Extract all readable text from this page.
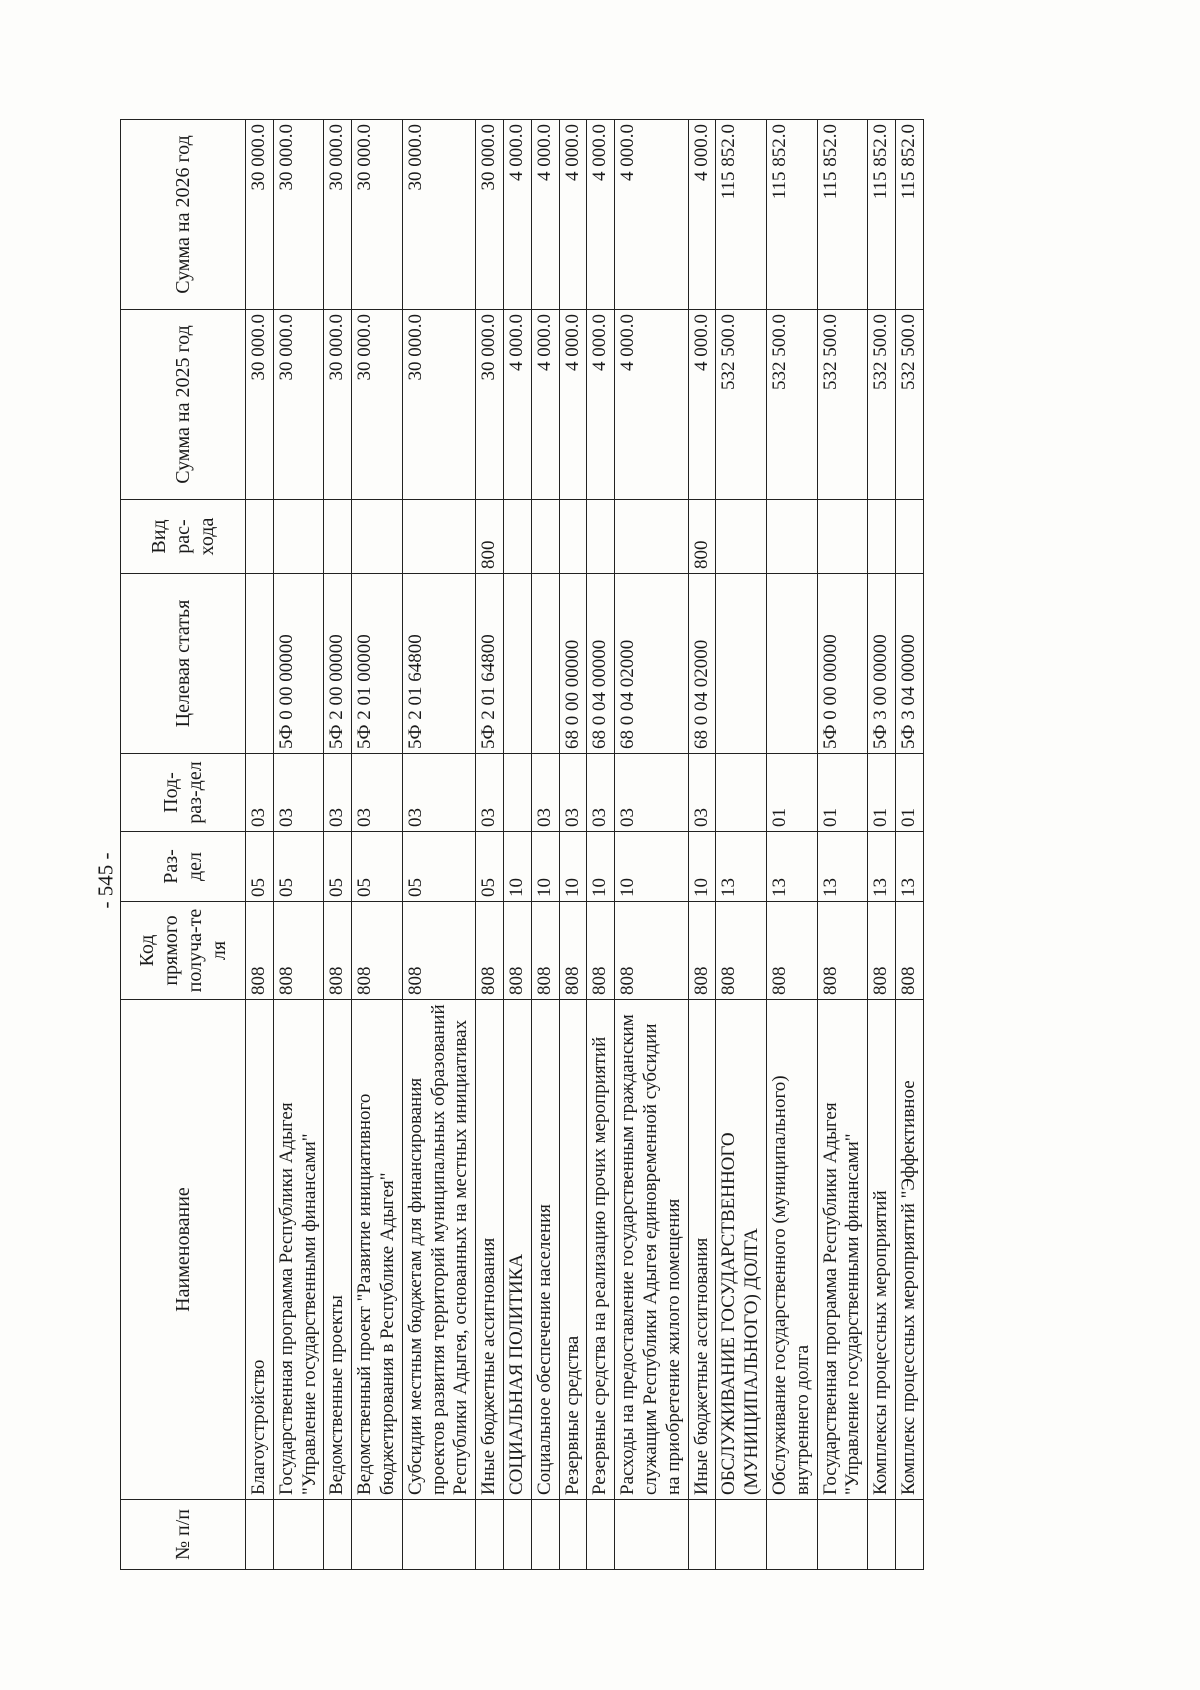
- 545 -
№ п/п	Наименование	Код прямого получа-те ля	Раз-дел	Под-раз-дел	Целевая статья	Вид рас-хода	Сумма на 2025 год	Сумма на 2026 год
	Благоустройство	808	05	03			30 000.0	30 000.0
	Государственная программа Республики Адыгея "Управление государственными финансами"	808	05	03	5Ф 0 00 00000		30 000.0	30 000.0
	Ведомственные проекты	808	05	03	5Ф 2 00 00000		30 000.0	30 000.0
	Ведомственный проект "Развитие инициативного бюджетирования в Республике Адыгея"	808	05	03	5Ф 2 01 00000		30 000.0	30 000.0
	Субсидии местным бюджетам для финансирования проектов развития территорий муниципальных образований Республики Адыгея, основанных на местных инициативах	808	05	03	5Ф 2 01 64800		30 000.0	30 000.0
	Иные бюджетные ассигнования	808	05	03	5Ф 2 01 64800	800	30 000.0	30 000.0
	СОЦИАЛЬНАЯ ПОЛИТИКА	808	10				4 000.0	4 000.0
	Социальное обеспечение населения	808	10	03			4 000.0	4 000.0
	Резервные средства	808	10	03	68 0 00 00000		4 000.0	4 000.0
	Резервные средства на реализацию прочих мероприятий	808	10	03	68 0 04 00000		4 000.0	4 000.0
	Расходы на предоставление государственным гражданским служащим Республики Адыгея единовременной субсидии на приобретение жилого помещения	808	10	03	68 0 04 02000		4 000.0	4 000.0
	Иные бюджетные ассигнования	808	10	03	68 0 04 02000	800	4 000.0	4 000.0
	ОБСЛУЖИВАНИЕ ГОСУДАРСТВЕННОГО (МУНИЦИПАЛЬНОГО) ДОЛГА	808	13				532 500.0	115 852.0
	Обслуживание государственного (муниципального) внутреннего долга	808	13	01			532 500.0	115 852.0
	Государственная программа Республики Адыгея "Управление государственными финансами"	808	13	01	5Ф 0 00 00000		532 500.0	115 852.0
	Комплексы процессных мероприятий	808	13	01	5Ф 3 00 00000		532 500.0	115 852.0
	Комплекс процессных мероприятий "Эффективное	808	13	01	5Ф 3 04 00000		532 500.0	115 852.0
